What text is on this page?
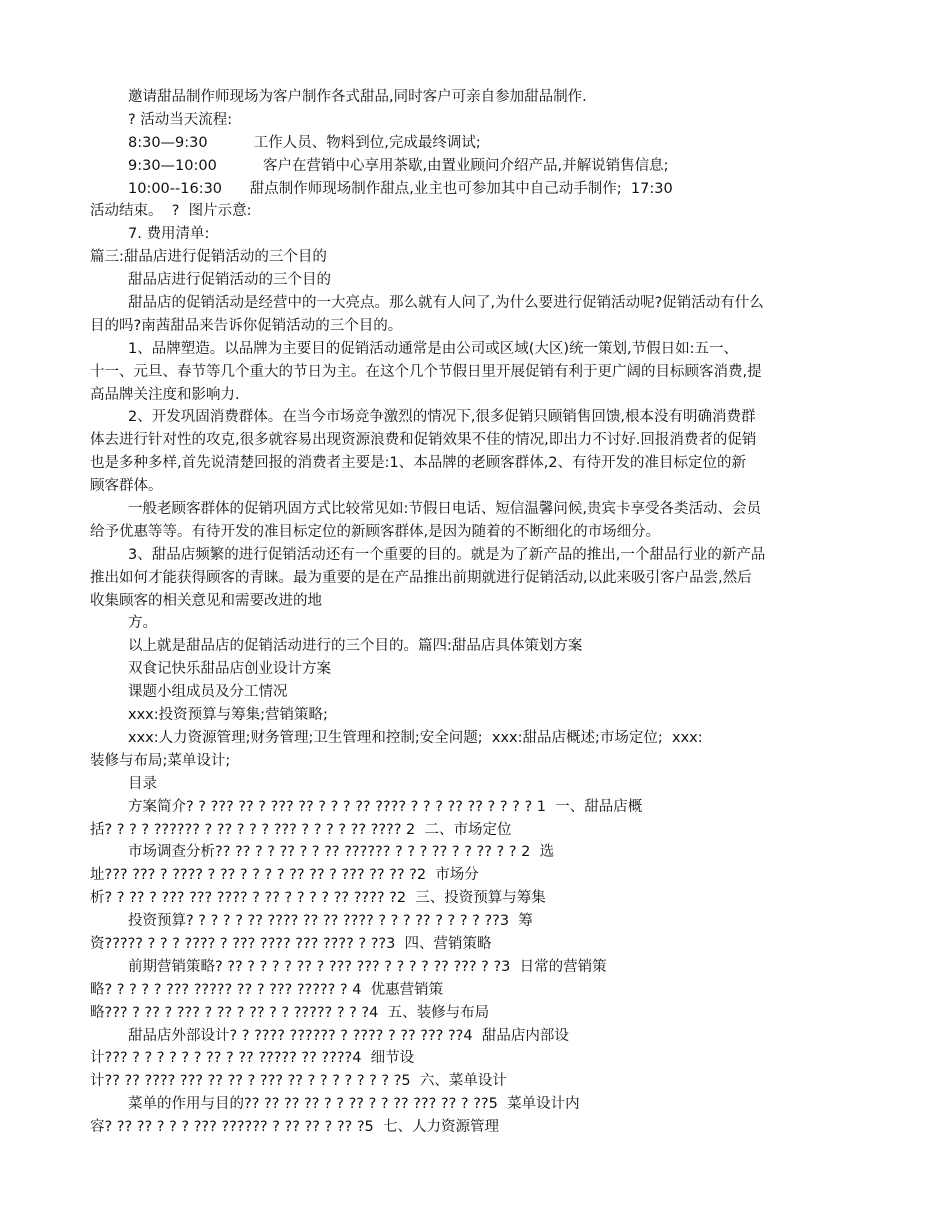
邀请甜品制作师现场为客户制作各式甜品,同时客户可亲自参加甜品制作.
? 活动当天流程:
8:30—9:30          工作人员、物料到位,完成最终调试;
9:30—10:00          客户在营销中心享用茶歇,由置业顾问介绍产品,并解说销售信息;
10:00--16:30      甜点制作师现场制作甜点,业主也可参加其中自己动手制作;  17:30
活动结束。  ?  图片示意:
7. 费用清单:
篇三:甜品店进行促销活动的三个目的
甜品店进行促销活动的三个目的
甜品店的促销活动是经营中的一大亮点。那么就有人问了,为什么要进行促销活动呢?促销活动有什么
目的吗?南茜甜品来告诉你促销活动的三个目的。
1、品牌塑造。以品牌为主要目的促销活动通常是由公司或区域(大区)统一策划,节假日如:五一、
十一、元旦、春节等几个重大的节日为主。在这个几个节假日里开展促销有利于更广阔的目标顾客消费,提
高品牌关注度和影响力.
2、开发巩固消费群体。在当今市场竞争激烈的情况下,很多促销只顾销售回馈,根本没有明确消费群
体去进行针对性的攻克,很多就容易出现资源浪费和促销效果不佳的情况,即出力不讨好.回报消费者的促销
也是多种多样,首先说清楚回报的消费者主要是:1、本品牌的老顾客群体,2、有待开发的准目标定位的新
顾客群体。
一般老顾客群体的促销巩固方式比较常见如:节假日电话、短信温馨问候,贵宾卡享受各类活动、会员
给予优惠等等。有待开发的准目标定位的新顾客群体,是因为随着的不断细化的市场细分。
3、甜品店频繁的进行促销活动还有一个重要的目的。就是为了新产品的推出,一个甜品行业的新产品
推出如何才能获得顾客的青睐。最为重要的是在产品推出前期就进行促销活动,以此来吸引客户品尝,然后
收集顾客的相关意见和需要改进的地
方。
以上就是甜品店的促销活动进行的三个目的。篇四:甜品店具体策划方案
双食记快乐甜品店创业设计方案
课题小组成员及分工情况
xxx:投资预算与筹集;营销策略;
xxx:人力资源管理;财务管理;卫生管理和控制;安全问题;  xxx:甜品店概述;市场定位;  xxx:
装修与布局;菜单设计;
目录
方案简介? ? ??? ?? ? ??? ?? ? ? ? ?? ???? ? ? ? ?? ?? ? ? ? ? 1  一、甜品店概
括? ? ? ? ?????? ? ?? ? ? ? ??? ? ? ? ? ?? ???? 2  二、市场定位
市场调查分析?? ?? ? ? ?? ? ? ?? ?????? ? ? ? ?? ? ? ?? ? ? 2  选
址??? ??? ? ???? ? ?? ? ? ? ? ?? ?? ? ??? ?? ?? ?2  市场分
析? ? ?? ? ??? ??? ???? ? ?? ? ? ? ? ?? ???? ?2  三、投资预算与筹集
投资预算? ? ? ? ? ?? ???? ?? ?? ???? ? ? ? ?? ? ? ? ? ??3  筹
资????? ? ? ? ???? ? ??? ???? ??? ???? ? ??3  四、营销策略
前期营销策略? ?? ? ? ? ? ?? ? ??? ??? ? ? ? ? ?? ??? ? ?3  日常的营销策
略? ? ? ? ? ??? ????? ?? ? ??? ????? ? 4  优惠营销策
略??? ? ?? ? ??? ? ?? ? ?? ? ? ????? ? ? ?4  五、装修与布局
甜品店外部设计? ? ???? ?????? ? ???? ? ?? ??? ??4  甜品店内部设
计??? ? ? ? ? ? ? ?? ? ?? ????? ?? ????4  细节设
计?? ?? ???? ??? ?? ?? ? ??? ?? ? ? ? ? ? ? ? ?5  六、菜单设计
菜单的作用与目的?? ?? ?? ?? ? ? ?? ? ? ?? ??? ?? ? ??5  菜单设计内
容? ?? ?? ? ? ? ??? ?????? ? ?? ?? ? ?? ?5  七、人力资源管理
